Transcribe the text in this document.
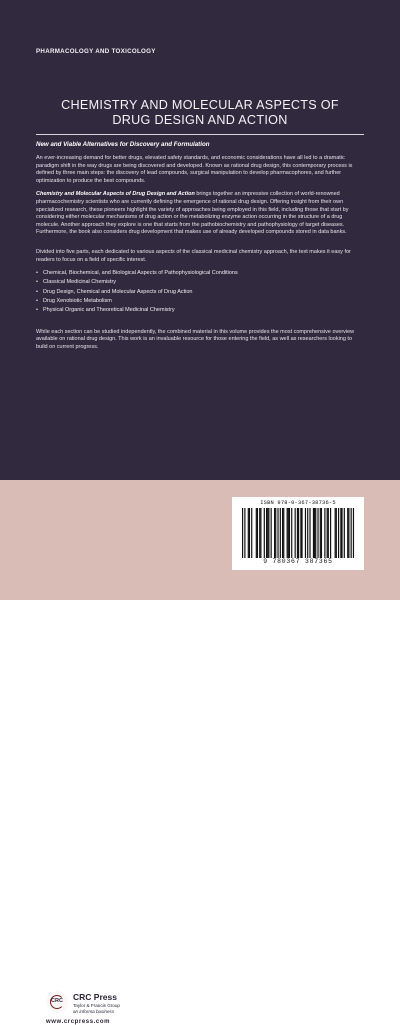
PHARMACOLOGY AND TOXICOLOGY

CHEMISTRY AND MOLECULAR ASPECTS OF
DRUG DESIGN AND ACTION

New and Viable Alternatives for Discovery and Formulation

An ever-increasing demand for better drugs, elevated safety standards, and economic considerations have all led to a dramatic paradigm shift in the way drugs are being discovered and developed. Known as rational drug design, this contemporary process is defined by three main steps: the discovery of lead compounds, surgical manipulation to develop pharmacophores, and further optimization to produce the best compounds.

Chemistry and Molecular Aspects of Drug Design and Action brings together an impressive collection of world-renowned pharmacochemistry scientists who are currently defining the emergence of rational drug design. Offering insight from their own specialized research, these pioneers highlight the variety of approaches being employed in this field, including those that start by considering either molecular mechanisms of drug action or the metabolizing enzyme action occurring in the structure of a drug molecule. Another approach they explore is one that starts from the pathobiochemistry and pathophysiology of target diseases. Furthermore, the book also considers drug development that makes use of already developed compounds stored in data banks.

Divided into five parts, each dedicated to various aspects of the classical medicinal chemistry approach, the text makes it easy for readers to focus on a field of specific interest.

• Chemical, Biochemical, and Biological Aspects of Pathophysiological Conditions
• Classical Medicinal Chemistry
• Drug Design, Chemical and Molecular Aspects of Drug Action
• Drug Xenobiotic Metabolism
• Physical Organic and Theoretical Medicinal Chemistry

While each section can be studied independently, the combined material in this volume provides the most comprehensive overview available on rational drug design. This work is an invaluable resource for those entering the field, as well as researchers looking to build on current progress.

CRC	CRC Press
Taylor & Francis Group
an informa business

www.crcpress.com

ISBN 978-0-367-38736-5
9 780367 387365
